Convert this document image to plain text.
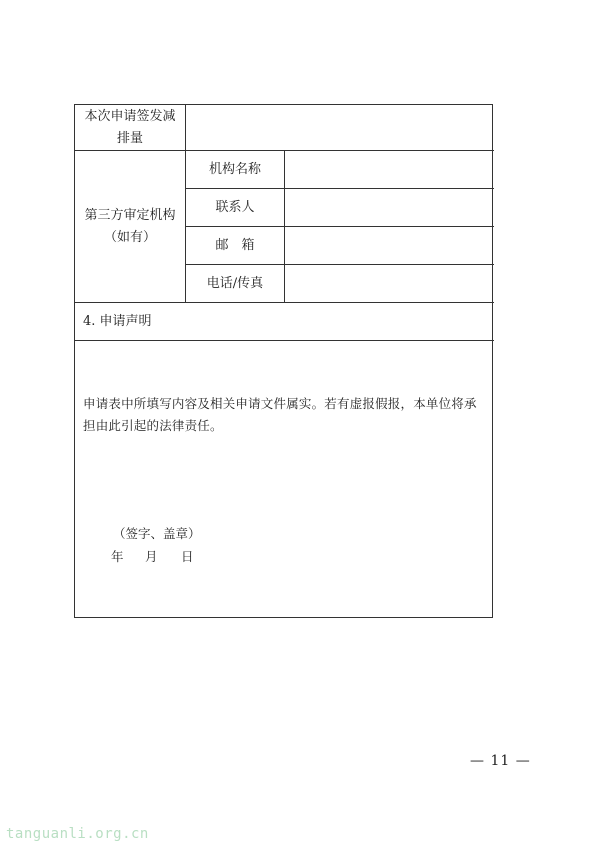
本次申请签发减
排量
第三方审定机构
（如有）
机构名称
联系人
邮　箱
电话/传真
4. 申请声明
申请表中所填写内容及相关申请文件属实。若有虚报假报，本单位将承担由此引起的法律责任。
（签字、盖章）
年 月 日
— 11 —
tanguanli.org.cn
